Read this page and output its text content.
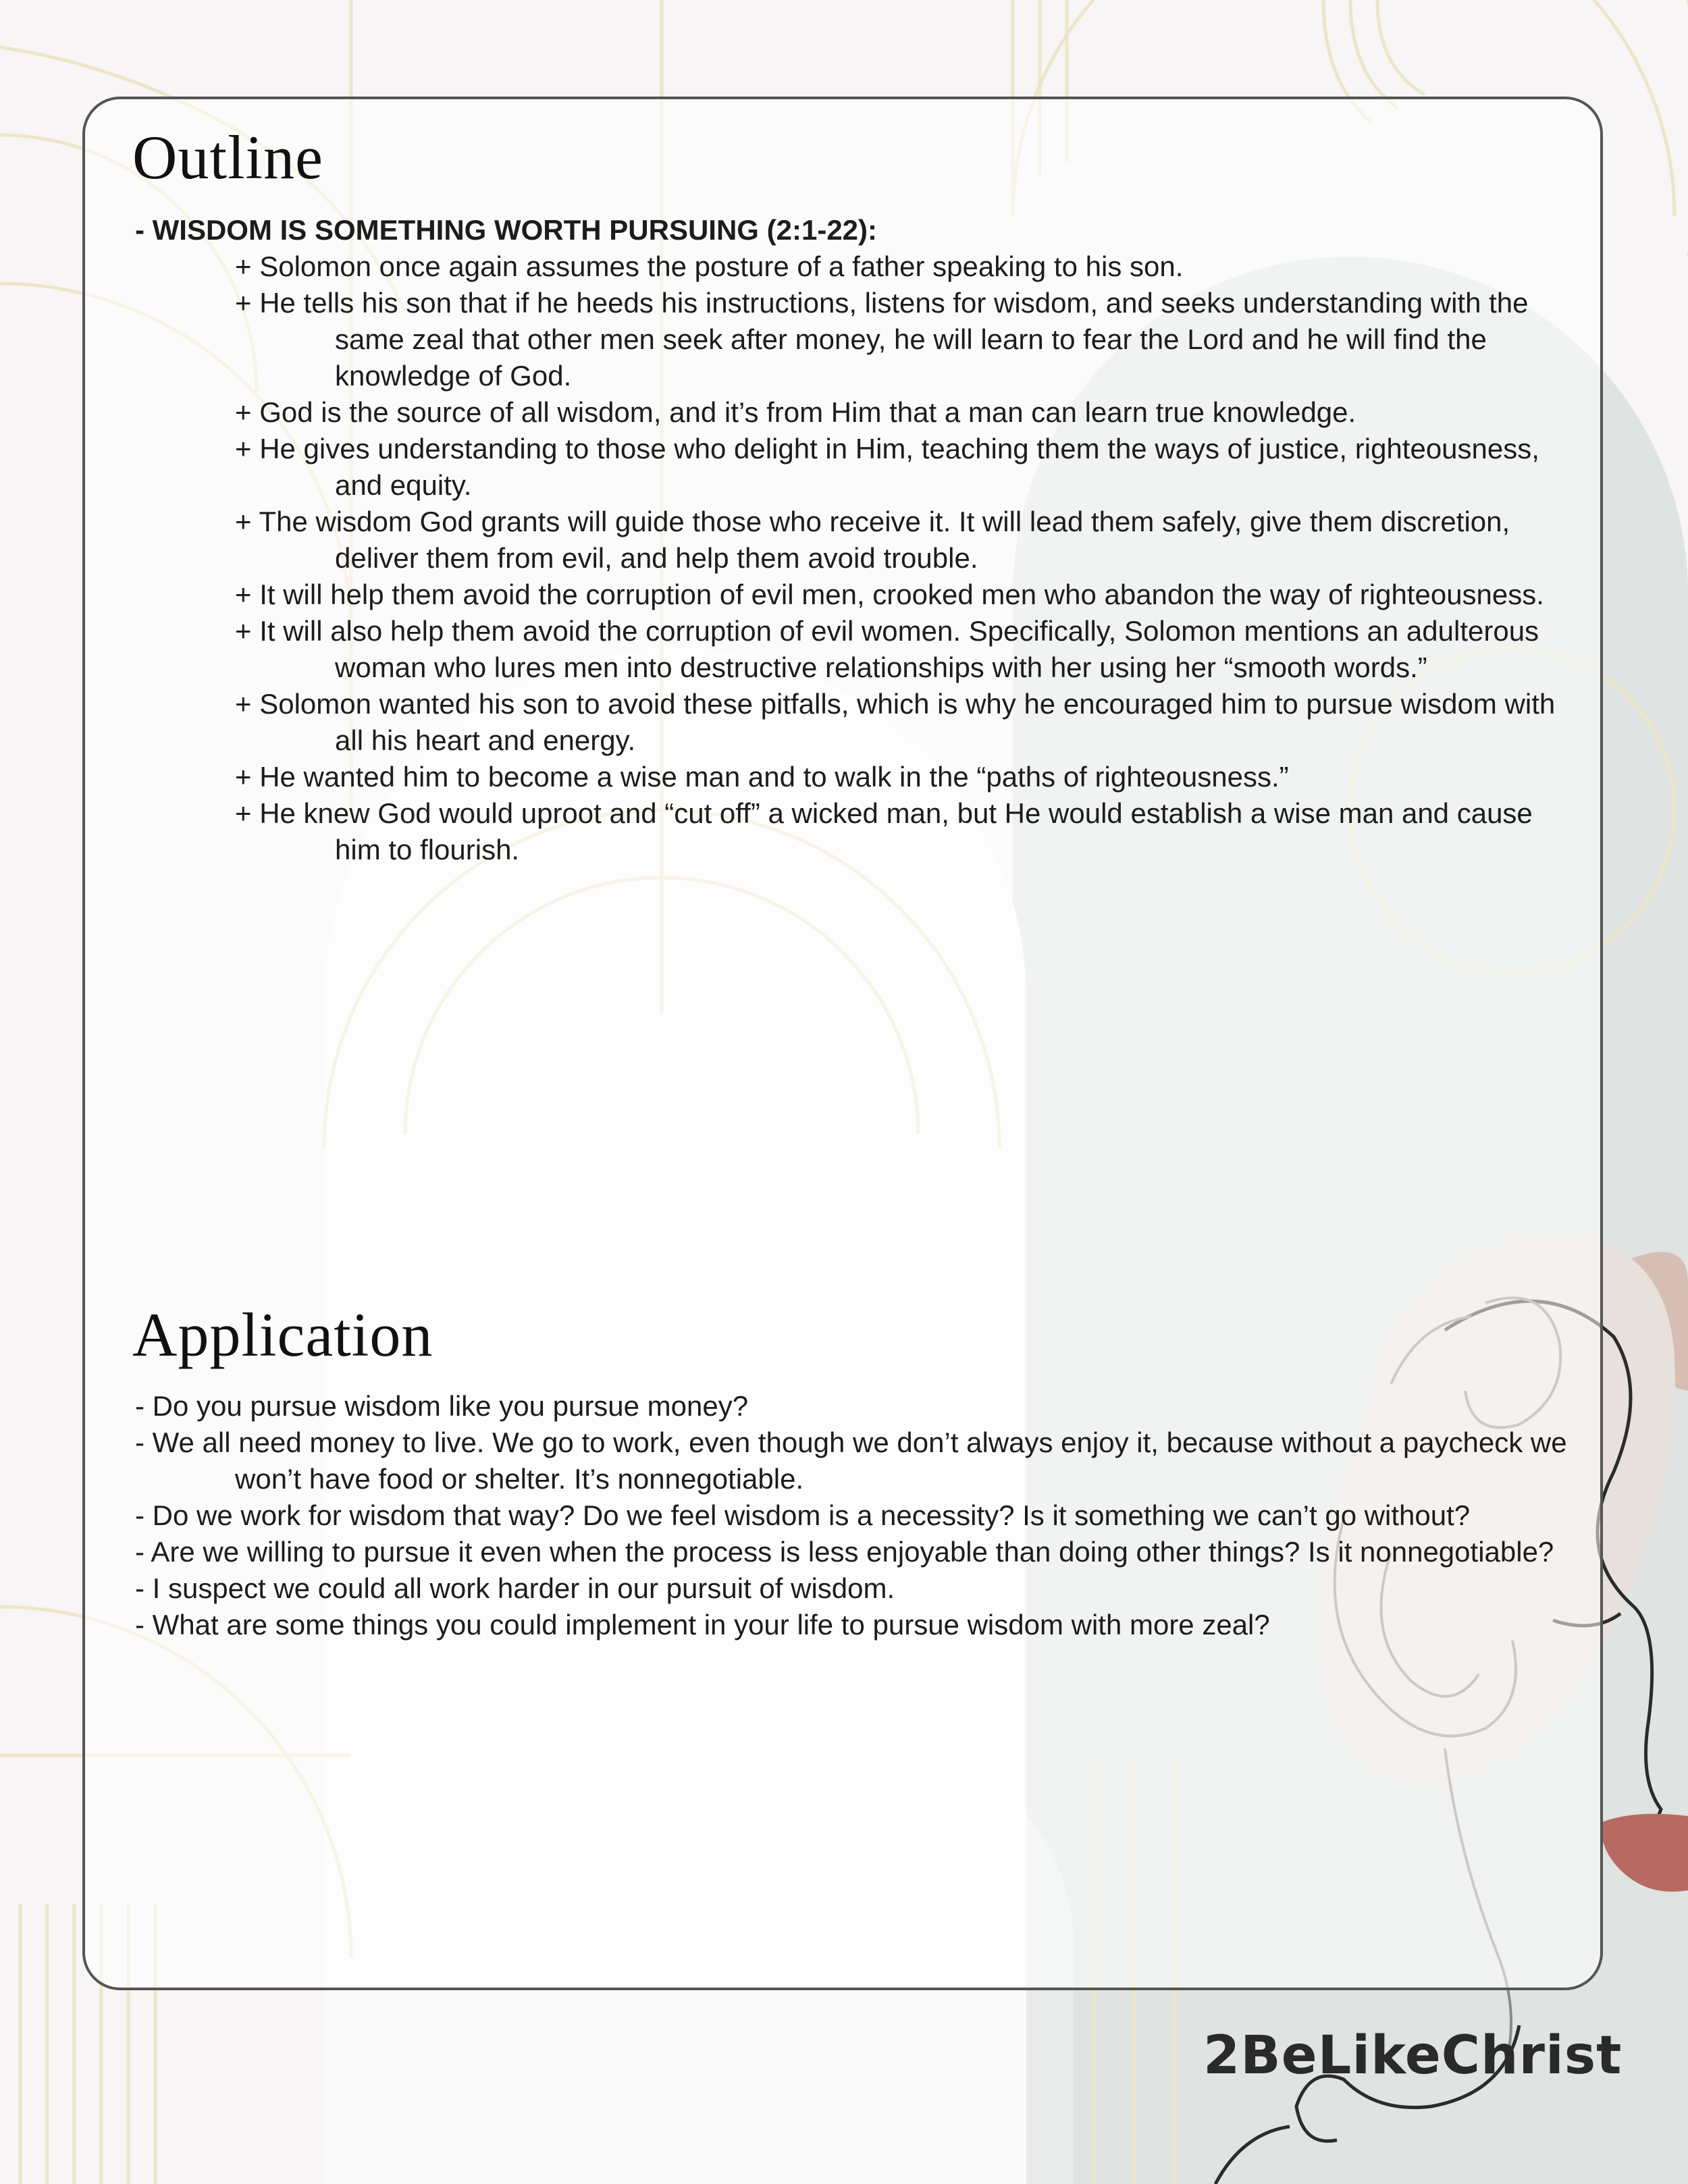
Outline
- WISDOM IS SOMETHING WORTH PURSUING (2:1-22):
+ Solomon once again assumes the posture of a father speaking to his son.
+ He tells his son that if he heeds his instructions, listens for wisdom, and seeks understanding with the same zeal that other men seek after money, he will learn to fear the Lord and he will find the knowledge of God.
+ God is the source of all wisdom, and it’s from Him that a man can learn true knowledge.
+ He gives understanding to those who delight in Him, teaching them the ways of justice, righteousness, and equity.
+ The wisdom God grants will guide those who receive it. It will lead them safely, give them discretion, deliver them from evil, and help them avoid trouble.
+ It will help them avoid the corruption of evil men, crooked men who abandon the way of righteousness.
+ It will also help them avoid the corruption of evil women. Specifically, Solomon mentions an adulterous woman who lures men into destructive relationships with her using her “smooth words.”
+ Solomon wanted his son to avoid these pitfalls, which is why he encouraged him to pursue wisdom with all his heart and energy.
+ He wanted him to become a wise man and to walk in the “paths of righteousness.”
+ He knew God would uproot and “cut off” a wicked man, but He would establish a wise man and cause him to flourish.
Application
- Do you pursue wisdom like you pursue money?
- We all need money to live. We go to work, even though we don’t always enjoy it, because without a paycheck we won’t have food or shelter. It’s nonnegotiable.
- Do we work for wisdom that way? Do we feel wisdom is a necessity? Is it something we can’t go without?
- Are we willing to pursue it even when the process is less enjoyable than doing other things? Is it nonnegotiable?
- I suspect we could all work harder in our pursuit of wisdom.
- What are some things you could implement in your life to pursue wisdom with more zeal?
2BeLikeChrist
